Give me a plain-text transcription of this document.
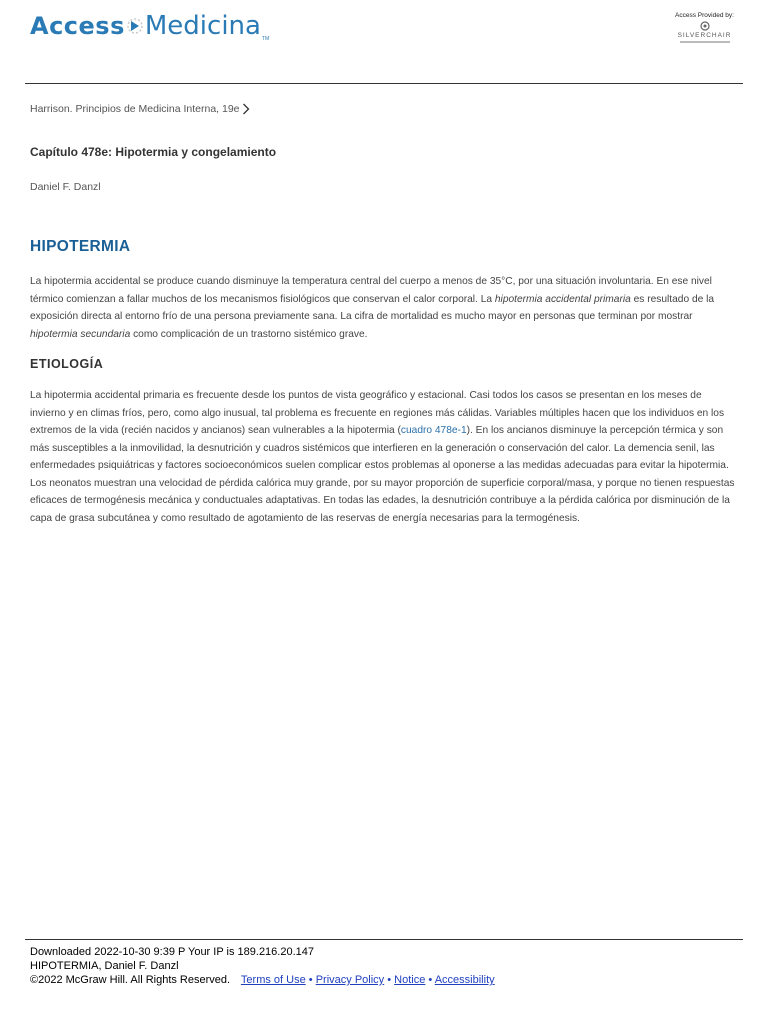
Access Medicina TM
Access Provided by:
SILVERCHAIR
Harrison. Principios de Medicina Interna, 19e
Capítulo 478e: Hipotermia y congelamiento
Daniel F. Danzl
HIPOTERMIA

La hipotermia accidental se produce cuando disminuye la temperatura central del cuerpo a menos de 35°C, por una situación involuntaria. En ese nivel térmico comienzan a fallar muchos de los mecanismos fisiológicos que conservan el calor corporal. La hipotermia accidental primaria es resultado de la exposición directa al entorno frío de una persona previamente sana. La cifra de mortalidad es mucho mayor en personas que terminan por mostrar hipotermia secundaria como complicación de un trastorno sistémico grave.

ETIOLOGÍA

La hipotermia accidental primaria es frecuente desde los puntos de vista geográfico y estacional. Casi todos los casos se presentan en los meses de invierno y en climas fríos, pero, como algo inusual, tal problema es frecuente en regiones más cálidas. Variables múltiples hacen que los individuos en los extremos de la vida (recién nacidos y ancianos) sean vulnerables a la hipotermia (cuadro 478e-1). En los ancianos disminuye la percepción térmica y son más susceptibles a la inmovilidad, la desnutrición y cuadros sistémicos que interfieren en la generación o conservación del calor. La demencia senil, las enfermedades psiquiátricas y factores socioeconómicos suelen complicar estos problemas al oponerse a las medidas adecuadas para evitar la hipotermia. Los neonatos muestran una velocidad de pérdida calórica muy grande, por su mayor proporción de superficie corporal/masa, y porque no tienen respuestas eficaces de termogénesis mecánica y conductuales adaptativas. En todas las edades, la desnutrición contribuye a la pérdida calórica por disminución de la capa de grasa subcutánea y como resultado de agotamiento de las reservas de energía necesarias para la termogénesis.

Downloaded 2022-10-30 9:39 P Your IP is 189.216.20.147
HIPOTERMIA, Daniel F. Danzl
©2022 McGraw Hill. All Rights Reserved. Terms of Use • Privacy Policy • Notice • Accessibility
